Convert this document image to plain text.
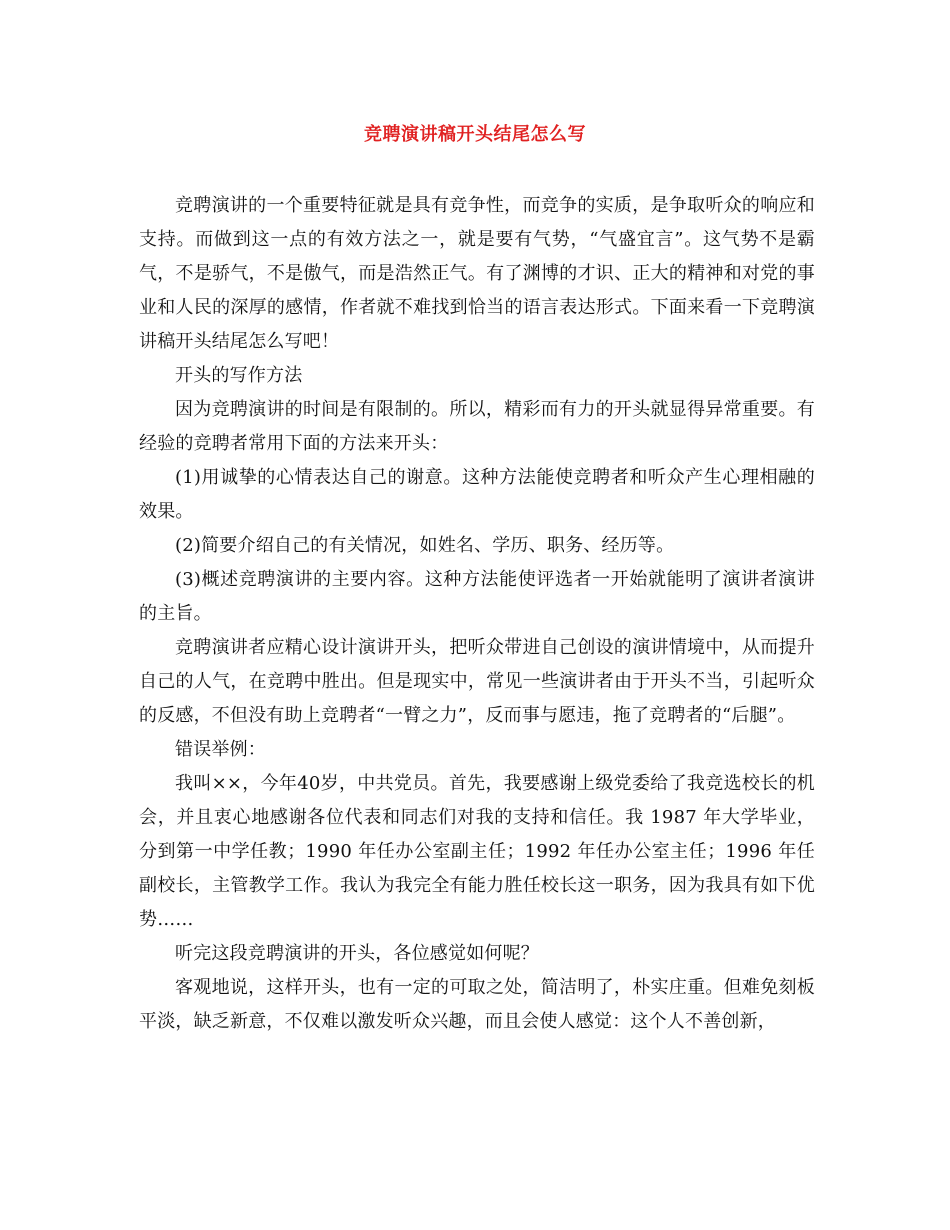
竞聘演讲稿开头结尾怎么写

竞聘演讲的一个重要特征就是具有竞争性，而竞争的实质，是争取听众的响应和支持。而做到这一点的有效方法之一，就是要有气势，“气盛宜言”。这气势不是霸气，不是骄气，不是傲气，而是浩然正气。有了渊博的才识、正大的精神和对党的事业和人民的深厚的感情，作者就不难找到恰当的语言表达形式。下面来看一下竞聘演讲稿开头结尾怎么写吧！

开头的写作方法

因为竞聘演讲的时间是有限制的。所以，精彩而有力的开头就显得异常重要。有经验的竞聘者常用下面的方法来开头：

(1)用诚挚的心情表达自己的谢意。这种方法能使竞聘者和听众产生心理相融的效果。

(2)简要介绍自己的有关情况，如姓名、学历、职务、经历等。

(3)概述竞聘演讲的主要内容。这种方法能使评选者一开始就能明了演讲者演讲的主旨。

竞聘演讲者应精心设计演讲开头，把听众带进自己创设的演讲情境中，从而提升自己的人气，在竞聘中胜出。但是现实中，常见一些演讲者由于开头不当，引起听众的反感，不但没有助上竞聘者“一臂之力”，反而事与愿违，拖了竞聘者的“后腿”。

错误举例：

我叫××，今年40岁，中共党员。首先，我要感谢上级党委给了我竞选校长的机会，并且衷心地感谢各位代表和同志们对我的支持和信任。我 1987 年大学毕业，分到第一中学任教；1990 年任办公室副主任；1992 年任办公室主任；1996 年任副校长，主管教学工作。我认为我完全有能力胜任校长这一职务，因为我具有如下优势……

听完这段竞聘演讲的开头，各位感觉如何呢？

客观地说，这样开头，也有一定的可取之处，简洁明了，朴实庄重。但难免刻板平淡，缺乏新意，不仅难以激发听众兴趣，而且会使人感觉：这个人不善创新，
